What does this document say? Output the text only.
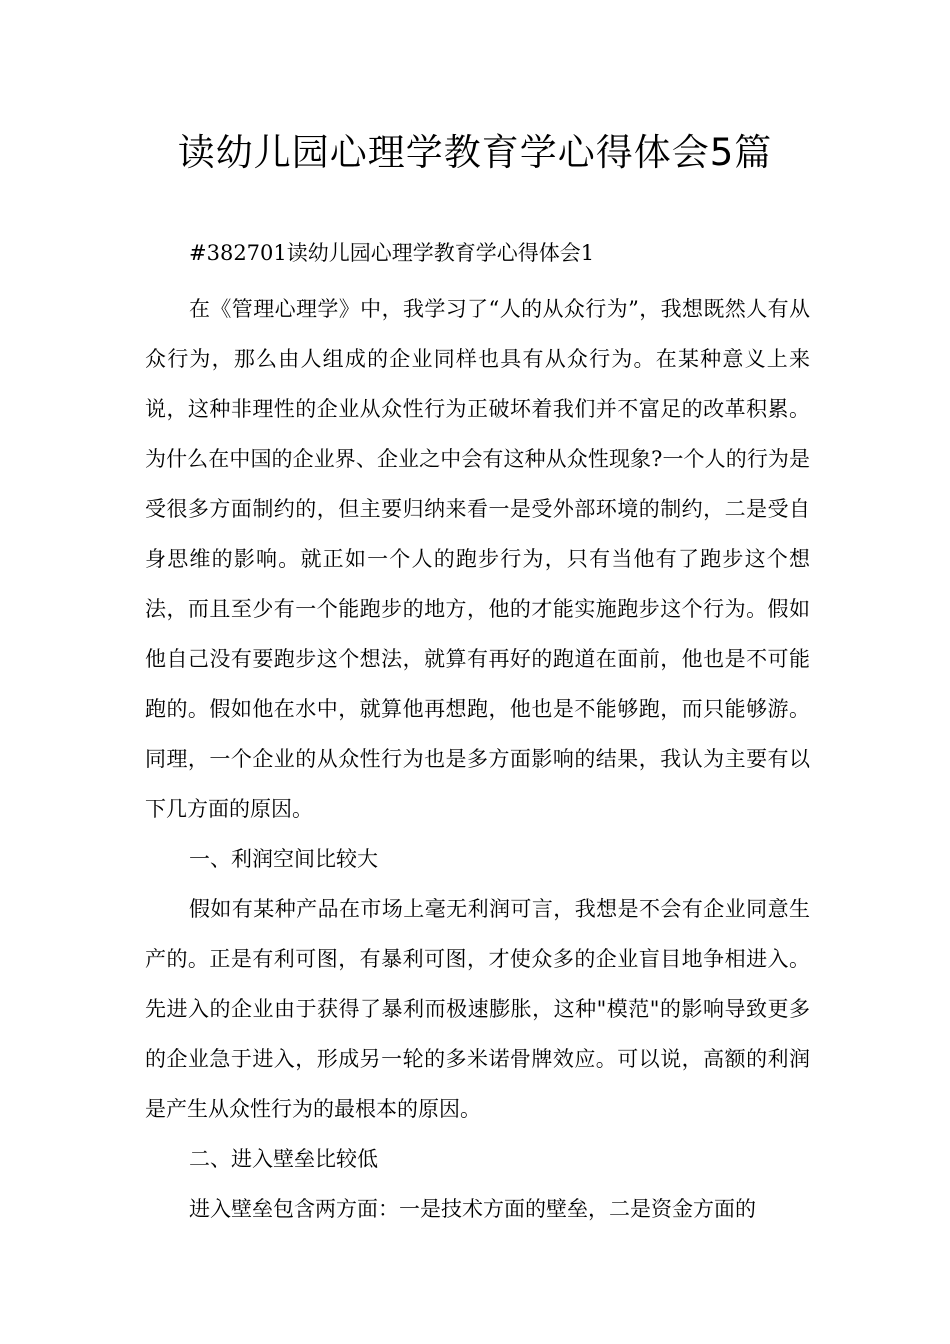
读幼儿园心理学教育学心得体会5篇
#382701读幼儿园心理学教育学心得体会1

在《管理心理学》中，我学习了“人的从众行为”，我想既然人有从众行为，那么由人组成的企业同样也具有从众行为。在某种意义上来说，这种非理性的企业从众性行为正破坏着我们并不富足的改革积累。为什么在中国的企业界、企业之中会有这种从众性现象?一个人的行为是受很多方面制约的，但主要归纳来看一是受外部环境的制约，二是受自身思维的影响。就正如一个人的跑步行为，只有当他有了跑步这个想法，而且至少有一个能跑步的地方，他的才能实施跑步这个行为。假如他自己没有要跑步这个想法，就算有再好的跑道在面前，他也是不可能跑的。假如他在水中，就算他再想跑，他也是不能够跑，而只能够游。同理，一个企业的从众性行为也是多方面影响的结果，我认为主要有以下几方面的原因。

一、利润空间比较大

假如有某种产品在市场上毫无利润可言，我想是不会有企业同意生产的。正是有利可图，有暴利可图，才使众多的企业盲目地争相进入。先进入的企业由于获得了暴利而极速膨胀，这种"模范"的影响导致更多的企业急于进入，形成另一轮的多米诺骨牌效应。可以说，高额的利润是产生从众性行为的最根本的原因。

二、进入壁垒比较低

进入壁垒包含两方面：一是技术方面的壁垒，二是资金方面的
